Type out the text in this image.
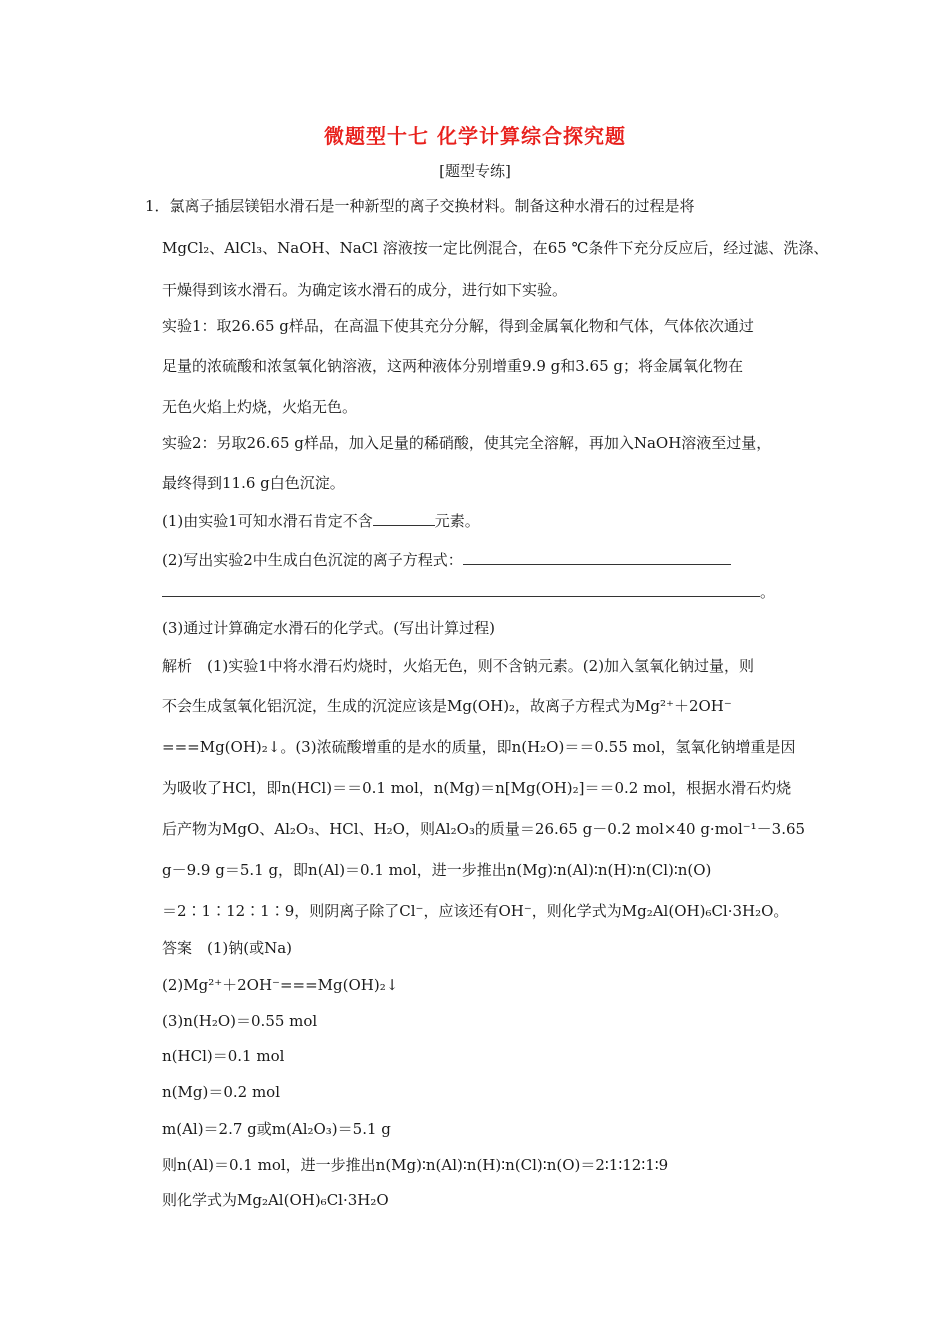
微题型十七 化学计算综合探究题
[题型专练]
1．氯离子插层镁铝水滑石是一种新型的离子交换材料。制备这种水滑石的过程是将
MgCl₂、AlCl₃、NaOH、NaCl 溶液按一定比例混合，在65 ℃条件下充分反应后，经过滤、洗涤、
干燥得到该水滑石。为确定该水滑石的成分，进行如下实验。
实验1：取26.65 g样品，在高温下使其充分分解，得到金属氧化物和气体，气体依次通过
足量的浓硫酸和浓氢氧化钠溶液，这两种液体分别增重9.9 g和3.65 g；将金属氧化物在
无色火焰上灼烧，火焰无色。
实验2：另取26.65 g样品，加入足量的稀硝酸，使其完全溶解，再加入NaOH溶液至过量，
最终得到11.6 g白色沉淀。
(1)由实验1可知水滑石肯定不含	元素。
(2)写出实验2中生成白色沉淀的离子方程式：
。
(3)通过计算确定水滑石的化学式。(写出计算过程)
解析　(1)实验1中将水滑石灼烧时，火焰无色，则不含钠元素。(2)加入氢氧化钠过量，则
不会生成氢氧化铝沉淀，生成的沉淀应该是Mg(OH)₂，故离子方程式为Mg²⁺＋2OH⁻
===Mg(OH)₂↓。(3)浓硫酸增重的是水的质量，即n(H₂O)＝＝0.55 mol，氢氧化钠增重是因
为吸收了HCl，即n(HCl)＝＝0.1 mol，n(Mg)＝n[Mg(OH)₂]＝＝0.2 mol，根据水滑石灼烧
后产物为MgO、Al₂O₃、HCl、H₂O，则Al₂O₃的质量＝26.65 g－0.2 mol×40 g·mol⁻¹－3.65
g－9.9 g＝5.1 g，即n(Al)＝0.1 mol，进一步推出n(Mg)∶n(Al)∶n(H)∶n(Cl)∶n(O)
＝2∶1∶12∶1∶9，则阴离子除了Cl⁻，应该还有OH⁻，则化学式为Mg₂Al(OH)₆Cl·3H₂O。
答案　(1)钠(或Na)
(2)Mg²⁺＋2OH⁻===Mg(OH)₂↓
(3)n(H₂O)＝0.55 mol
n(HCl)＝0.1 mol
n(Mg)＝0.2 mol
m(Al)＝2.7 g或m(Al₂O₃)＝5.1 g
则n(Al)＝0.1 mol，进一步推出n(Mg)∶n(Al)∶n(H)∶n(Cl)∶n(O)＝2∶1∶12∶1∶9
则化学式为Mg₂Al(OH)₆Cl·3H₂O
